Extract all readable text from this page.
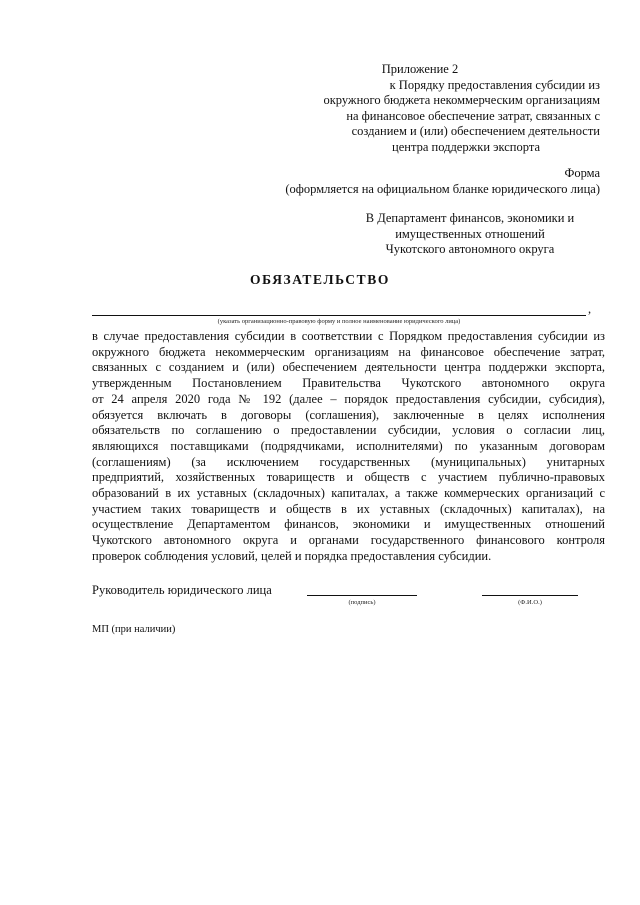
Приложение 2
к Порядку предоставления субсидии из
окружного бюджета некоммерческим организациям
на финансовое обеспечение затрат, связанных с
созданием и (или) обеспечением деятельности
центра поддержки экспорта
Форма
(оформляется на официальном бланке юридического лица)
В Департамент финансов, экономики и
имущественных отношений
Чукотского автономного округа
ОБЯЗАТЕЛЬСТВО
,
(указать организационно-правовую форму и полное наименование юридического лица)
в случае предоставления субсидии в соответствии с Порядком предоставления субсидии из
окружного бюджета некоммерческим организациям на финансовое обеспечение затрат,
связанных с созданием и (или) обеспечением деятельности центра поддержки экспорта,
утвержденным Постановлением Правительства Чукотского автономного округа
от 24 апреля 2020 года № 192 (далее – порядок предоставления субсидии, субсидия),
обязуется включать в договоры (соглашения), заключенные в целях исполнения
обязательств по соглашению о предоставлении субсидии, условия о согласии лиц,
являющихся поставщиками (подрядчиками, исполнителями) по указанным договорам
(соглашениям) (за исключением государственных (муниципальных) унитарных
предприятий, хозяйственных товариществ и обществ с участием публично-правовых
образований в их уставных (складочных) капиталах, а также коммерческих организаций с
участием таких товариществ и обществ в их уставных (складочных) капиталах), на
осуществление Департаментом финансов, экономики и имущественных отношений
Чукотского автономного округа и органами государственного финансового контроля
проверок соблюдения условий, целей и порядка предоставления субсидии.
Руководитель юридического лица
(подпись)	(Ф.И.О.)
МП (при наличии)
